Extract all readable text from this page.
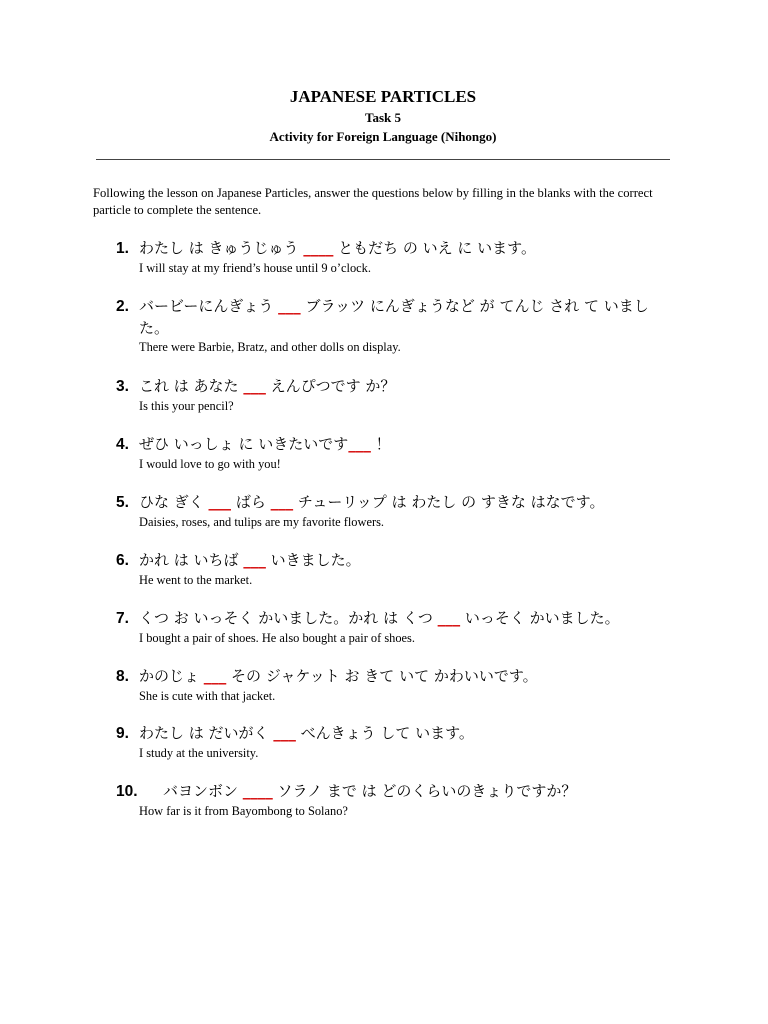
JAPANESE PARTICLES
Task 5
Activity for Foreign Language (Nihongo)
Following the lesson on Japanese Particles, answer the questions below by filling in the blanks with the correct particle to complete the sentence.
1. わたし は きゅうじゅう ____ ともだち の いえ に います。
I will stay at my friend’s house until 9 o’clock.
2. バービーにんぎょう ___ ブラッツ にんぎょうなど が てんじ され て いました。
There were Barbie, Bratz, and other dolls on display.
3. これ は あなた ___ えんぴつです か？
Is this your pencil?
4. ぜひ いっしょ に いきたいです___ ！
I would love to go with you!
5. ひな ぎく ___ ばら ___ チューリップ は わたし の すきな はなです。
Daisies, roses, and tulips are my favorite flowers.
6. かれ は いちば ___ いきました。
He went to the market.
7. くつ お いっそく かいました。かれ は くつ ___ いっそく かいました。
I bought a pair of shoes. He also bought a pair of shoes.
8. かのじょ ___ その ジャケット お きて いて かわいいです。
She is cute with that jacket.
9. わたし は だいがく ___ べんきょう して います。
I study at the university.
10.	バヨンボン ____ ソラノ まで は どのくらいのきょりですか？
How far is it from Bayombong to Solano?
